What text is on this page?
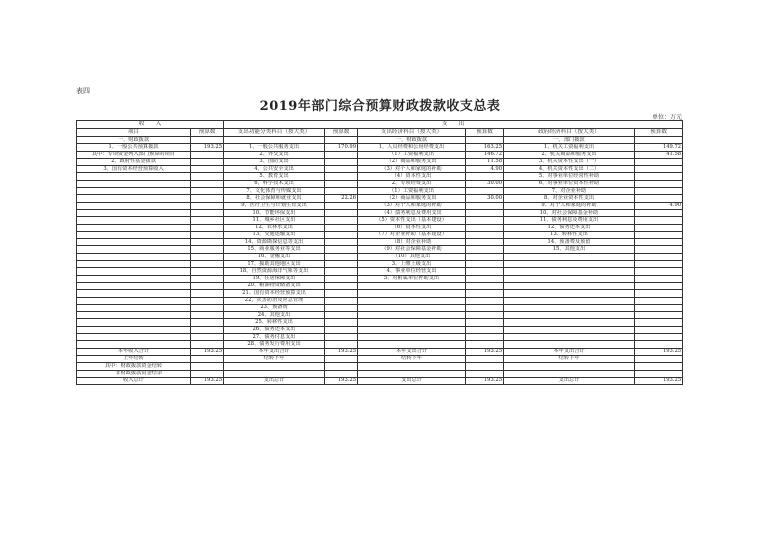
表四
2019年部门综合预算财政拨款收支总表
单位：万元
收　　入		支　　出					
项目	预算数	支出功能分类科目（按大类）	预算数	支出经济科目（按大类）	预算数	政府经济科目（按大类）	预算数
一、财政拨款				一、财政拨款		一、部门拨款	
1、一般公共预算拨款	193.25	1、一般公共服务支出	170.99	1、人员经费和公用经费支出	163.25	1、机关工资福利支出	149.72
其中：专项资金列入部门预算的项目		2、外交支出		（1）工资福利支出	146.72	2、机关商品和服务支出	41.58
2、政府性基金拨款		3、国防支出		（2）商品和服务支出	11.58	3、机关资本性支出（一）	
3、国有资本经营预算收入		4、公共安全支出		（3）对个人和家庭的补助	4.90	4、机关资本性支出（二）	
		5、教育支出		（4）资本性支出		5、对事业单位经常性补助	
		6、科学技术支出		2、专项经费支出	30.00	6、对事业单位资本性补助	
		7、文化体育与传媒支出		（1）工资福利支出		7、对企业补助	
		8、社会保障和就业支出	22.26	（2）商品和服务支出	30.00	8、对企业资本性支出	
		9、医疗卫生与计划生育支出		（3）对个人和家庭的补助		9、对个人和家庭的补助	4.90
		10、节能环保支出		（4）债务利息及费用支出		10、对社会保障基金补助	
		11、城乡社区支出		（5）资本性支出（基本建设）		11、债务利息及费用支出	
		12、农林水支出		（6）资本性支出		12、债务还本支出	
		13、交通运输支出		（7）对企业补助（基本建设）		13、转移性支出	
		14、资源勘探信息等支出		（8）对企业补助		14、预备费及预留	
		15、商业服务业等支出		（9）对社会保障基金补助		15、其他支出	
		16、金融支出		（10）其他支出			
		17、援助其他地区支出		3、上缴上级支出			
		18、自然资源海洋气象等支出		4、事业单位经营支出			
		19、住房保障支出		5、对附属单位补助支出			
		20、粮油物资储备支出					
		21、国有资本经营预算支出					
		22、灾害防治及应急管理					
		23、预备费					
		24、其他支出					
		25、转移性支出					
		26、债务还本支出					
		27、债务付息支出					
		28、债务发行费用支出					
本年收入合计	193.25	本年支出合计	193.25	本年支出合计	193.25	本年支出合计	193.25
上年结转		结转下年		结转下年		结转下年	
其中：财政拨款资金结转							
　　非财政拨款资金结余							
收入总计	193.25	支出总计	193.25	支出总计	193.25	支出总计	193.25
